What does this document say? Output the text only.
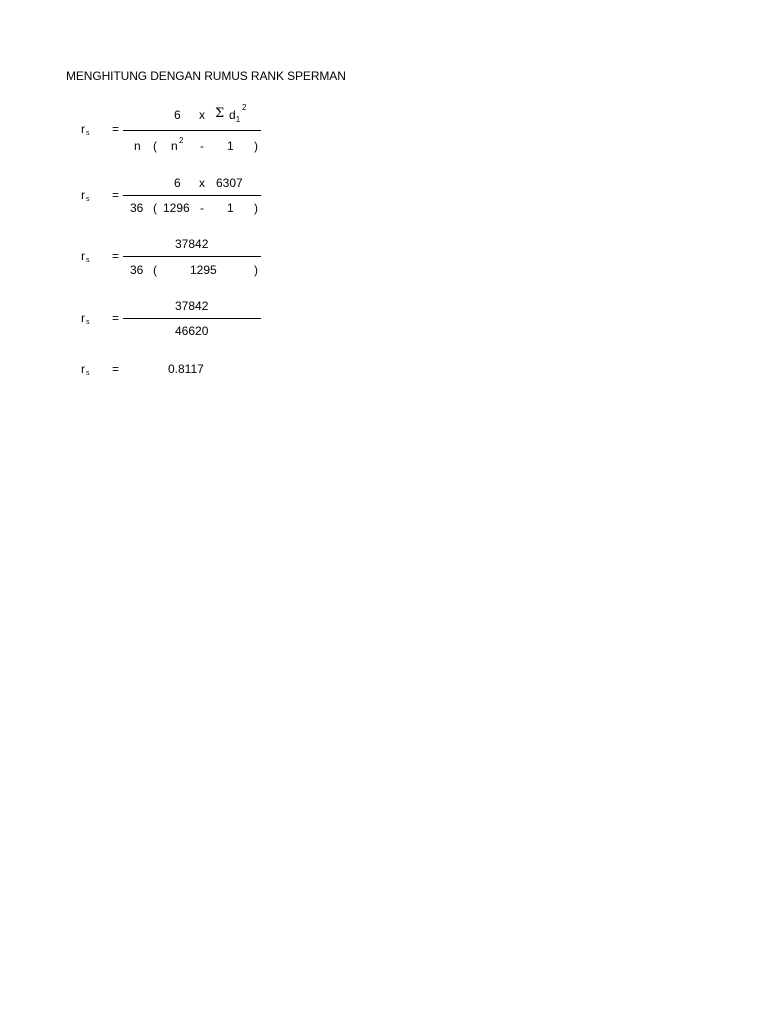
MENGHITUNG DENGAN RUMUS RANK SPERMAN
$r_s$ =
6 x Σ $d_1$
2
n ( n 2 - 1 )
$r_s$ =
6 x 6307
36 ( 1296 - 1 )
$r_s$ =
37842
36 (	1295	)
$r_s$ =
37842
46620
$r_s$ =	0.8117
